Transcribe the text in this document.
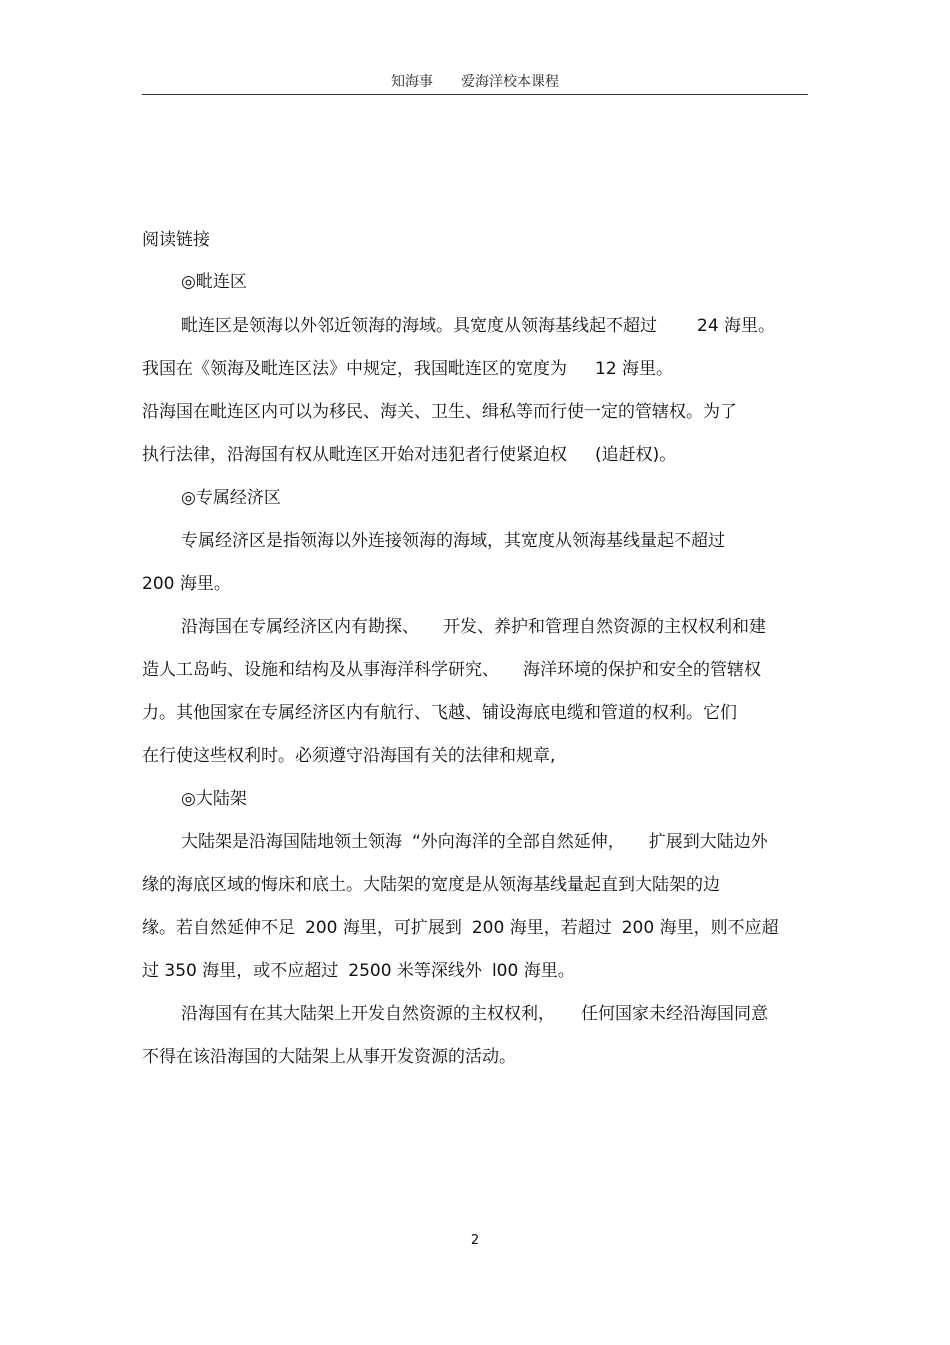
知海事 爱海洋校本课程
阅读链接
◎毗连区
毗连区是领海以外邻近领海的海域。具宽度从领海基线起不超过 24 海里。
我国在《领海及毗连区法》中规定，我国毗连区的宽度为 12 海里。
沿海国在毗连区内可以为移民、海关、卫生、缉私等而行使一定的管辖权。为了
执行法律，沿海国有权从毗连区开始对违犯者行使紧迫权 (追赶权)。
◎专属经济区
专属经济区是指领海以外连接领海的海域，其宽度从领海基线量起不超过
200 海里。
沿海国在专属经济区内有勘探、 开发、养护和管理自然资源的主权权利和建
造人工岛屿、设施和结构及从事海洋科学研究、 海洋环境的保护和安全的管辖权
力。其他国家在专属经济区内有航行、飞越、铺设海底电缆和管道的权利。它们
在行使这些权利时。必须遵守沿海国有关的法律和规章,
◎大陆架
大陆架是沿海国陆地领土领海 “外向海洋的全部自然延伸， 扩展到大陆边外
缘的海底区域的悔床和底土。大陆架的宽度是从领海基线量起直到大陆架的边
缘。若自然延伸不足 200 海里，可扩展到 200 海里，若超过 200 海里，则不应超
过 350 海里，或不应超过 2500 米等深线外 l00 海里。
沿海国有在其大陆架上开发自然资源的主权权利， 任何国家未经沿海国同意
不得在该沿海国的大陆架上从事开发资源的活动。
2
